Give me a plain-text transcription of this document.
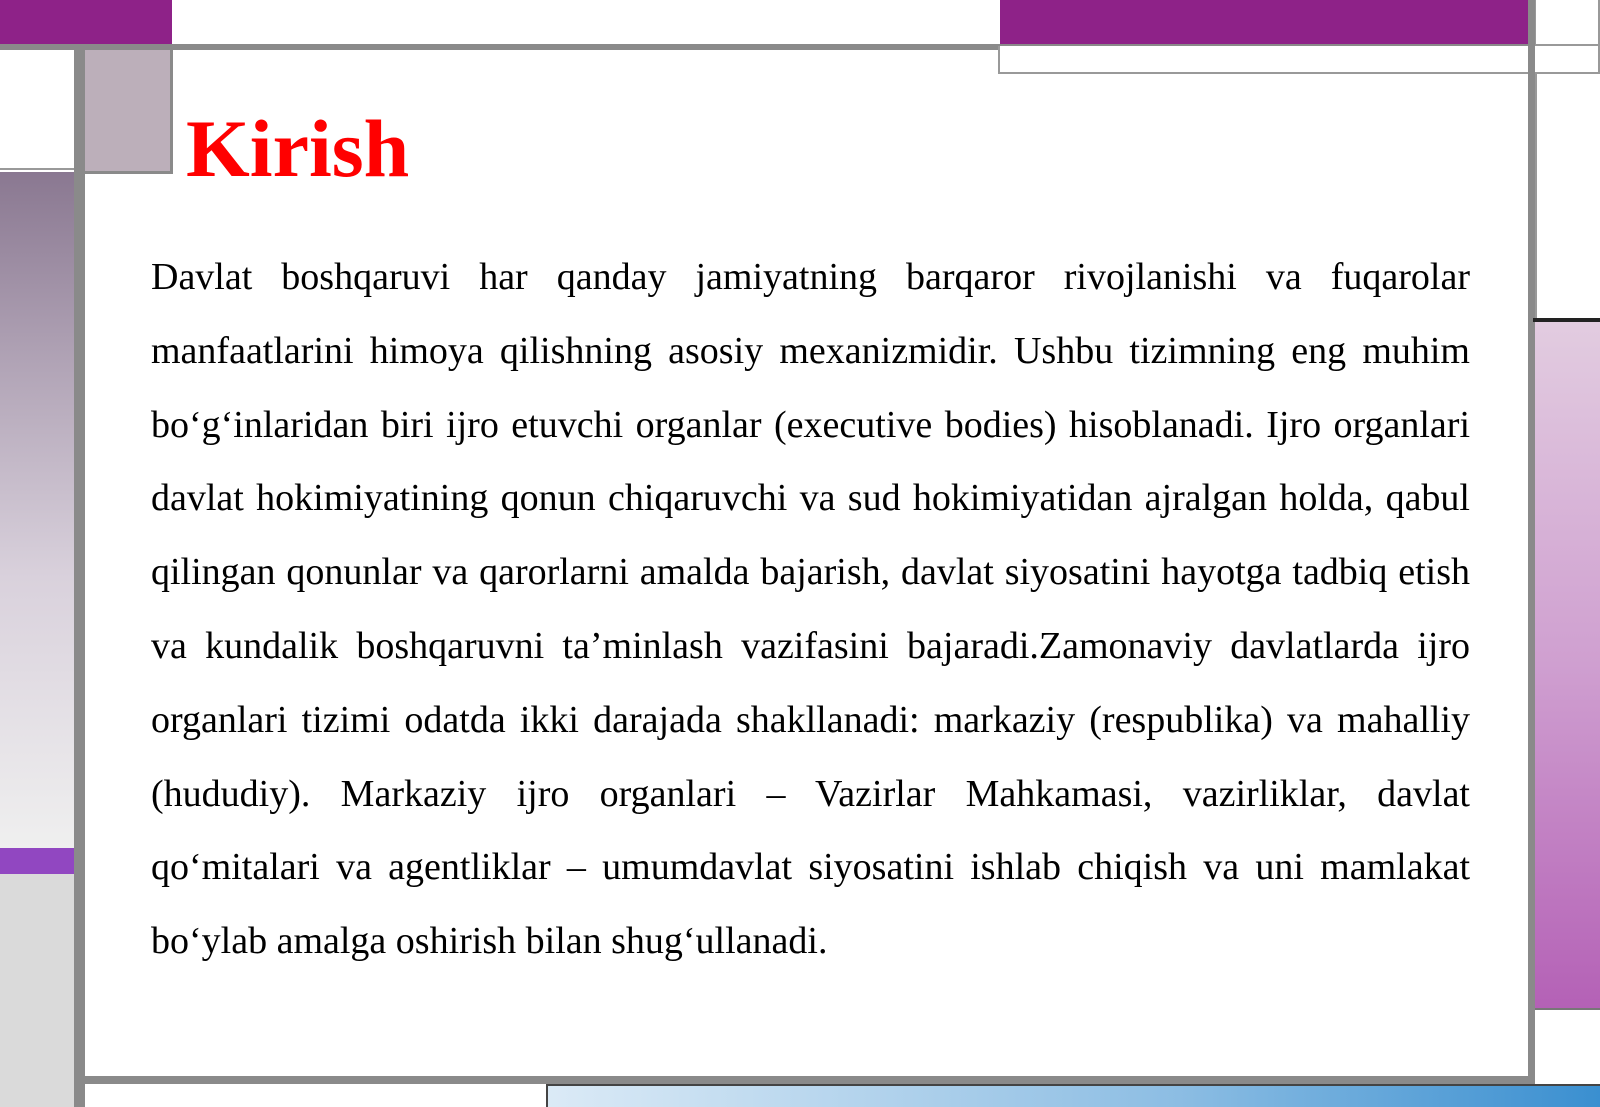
Kirish

Davlat boshqaruvi har qanday jamiyatning barqaror rivojlanishi va fuqarolar manfaatlarini himoya qilishning asosiy mexanizmidir. Ushbu tizimning eng muhim bo‘g‘inlaridan biri ijro etuvchi organlar (executive bodies) hisoblanadi. Ijro organlari davlat hokimiyatining qonun chiqaruvchi va sud hokimiyatidan ajralgan holda, qabul qilingan qonunlar va qarorlarni amalda bajarish, davlat siyosatini hayotga tadbiq etish va kundalik boshqaruvni ta’minlash vazifasini bajaradi.Zamonaviy davlatlarda ijro organlari tizimi odatda ikki darajada shakllanadi: markaziy (respublika) va mahalliy (hududiy). Markaziy ijro organlari – Vazirlar Mahkamasi, vazirliklar, davlat qo‘mitalari va agentliklar – umumdavlat siyosatini ishlab chiqish va uni mamlakat bo‘ylab amalga oshirish bilan shug‘ullanadi.
